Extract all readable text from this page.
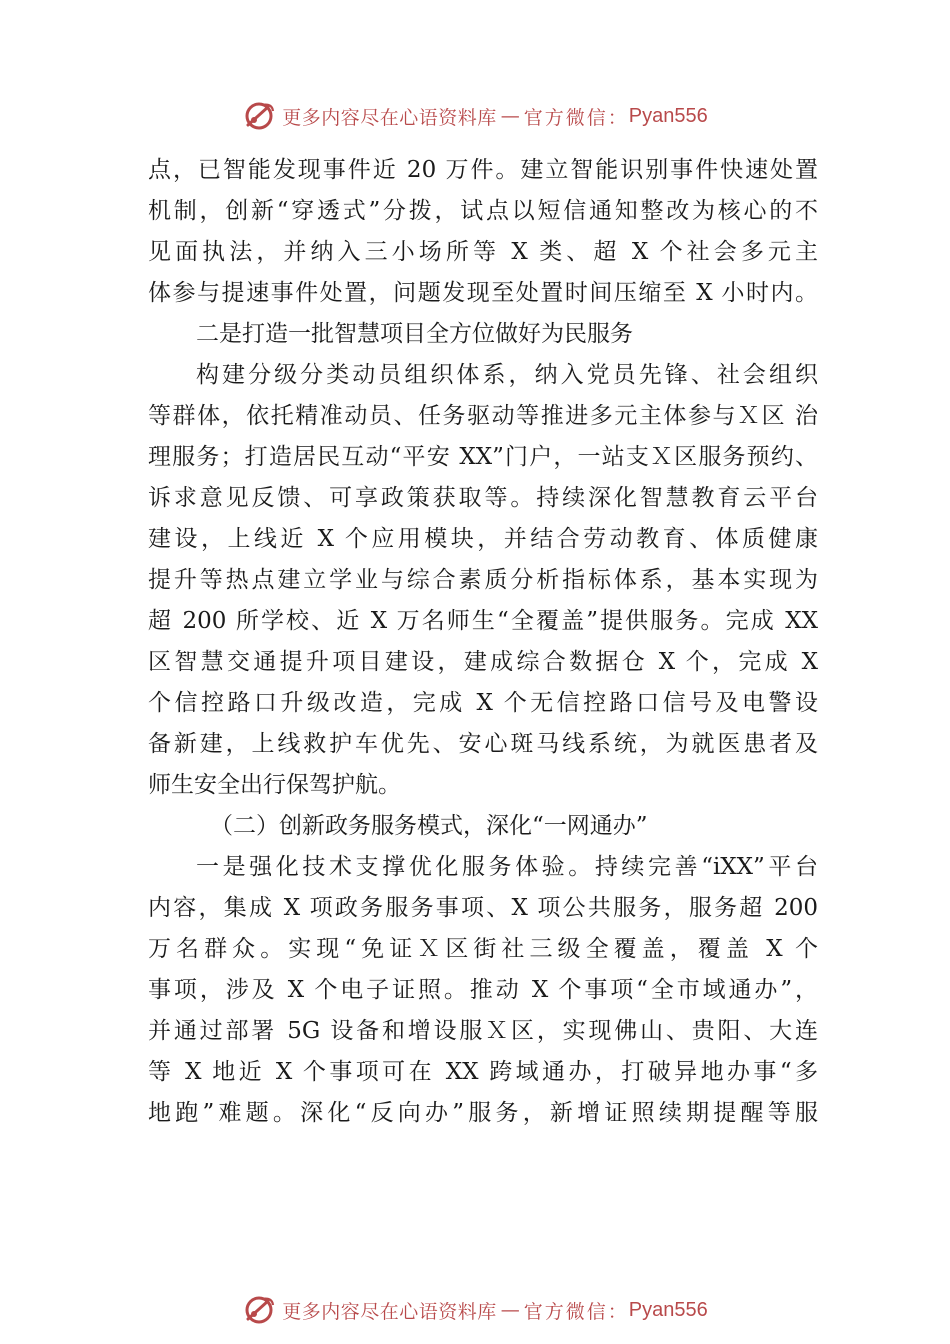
更多内容尽在心语资料库 — 官方微信： Pyan556
点，已智能发现事件近 20 万件。建立智能识别事件快速处置
机制，创新“穿透式”分拨，试点以短信通知整改为核心的不
见面执法，并纳入三小场所等 X 类、超 X 个社会多元主
体参与提速事件处置，问题发现至处置时间压缩至 X 小时内。
二是打造一批智慧项目全方位做好为民服务
构建分级分类动员组织体系，纳入党员先锋、社会组织
等群体，依托精准动员、任务驱动等推进多元主体参与Ｘ区 治
理服务；打造居民互动“平安 XX”门户，一站支Ｘ区服务预约、
诉求意见反馈、可享政策获取等。持续深化智慧教育云平台
建设，上线近 X 个应用模块，并结合劳动教育、体质健康
提升等热点建立学业与综合素质分析指标体系，基本实现为
超 200 所学校、近 X 万名师生“全覆盖”提供服务。完成 XX
区智慧交通提升项目建设，建成综合数据仓 X 个，完成 X
个信控路口升级改造，完成 X 个无信控路口信号及电警设
备新建，上线救护车优先、安心斑马线系统，为就医患者及
师生安全出行保驾护航。
（二）创新政务服务模式，深化“一网通办”
一是强化技术支撑优化服务体验。持续完善“iXX”平台
内容，集成 X 项政务服务事项、X 项公共服务，服务超 200
万名群众。实现“免证Ｘ区街社三级全覆盖，覆盖 X 个
事项，涉及 X 个电子证照。推动 X 个事项“全市域通办”，
并通过部署 5G 设备和增设服Ｘ区，实现佛山、贵阳、大连
等 X 地近 X 个事项可在 XX 跨域通办，打破异地办事“多
地跑”难题。深化“反向办”服务，新增证照续期提醒等服
更多内容尽在心语资料库 — 官方微信： Pyan556
